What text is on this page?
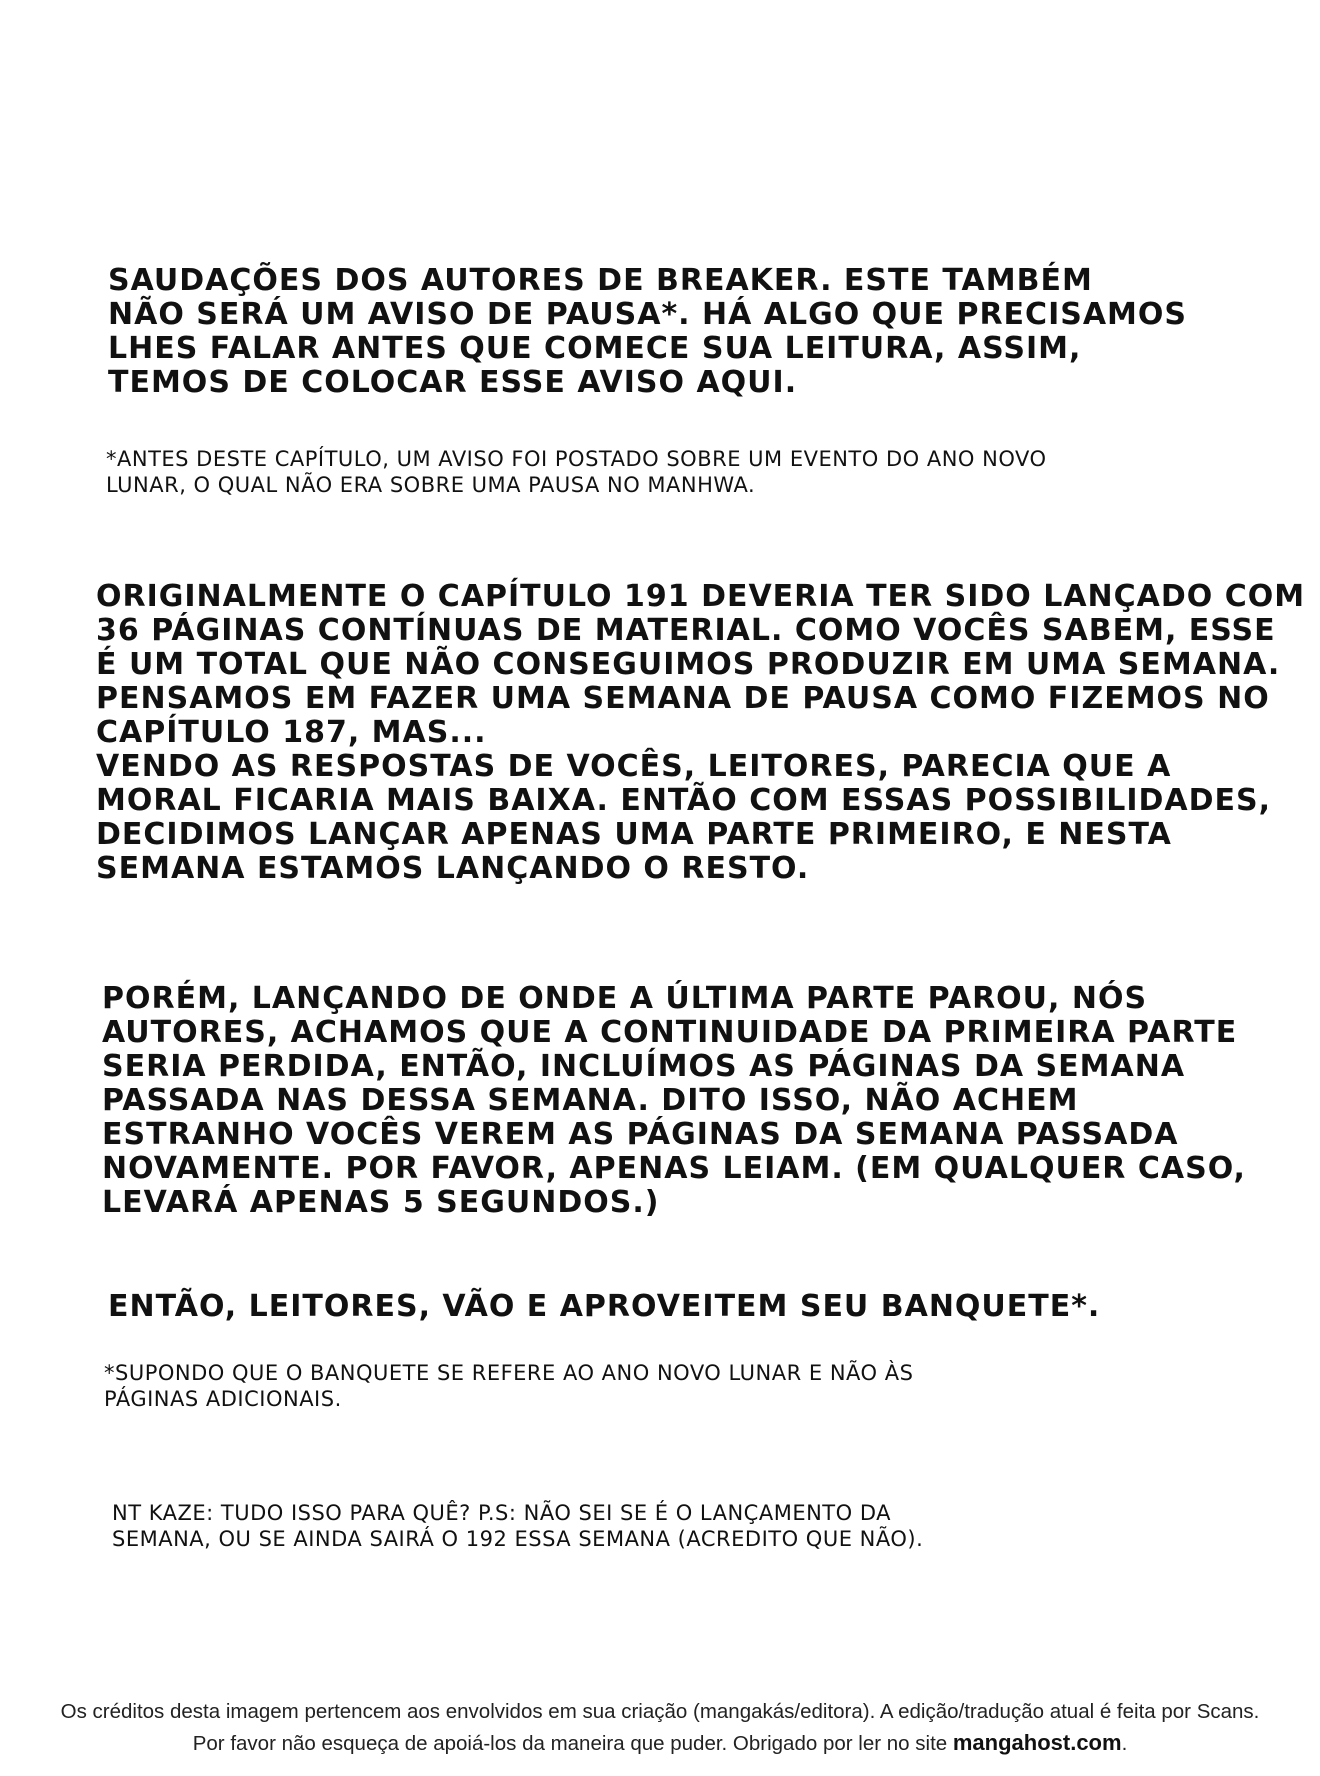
SAUDAÇÕES DOS AUTORES DE BREAKER. ESTE TAMBÉM
NÃO SERÁ UM AVISO DE PAUSA*. HÁ ALGO QUE PRECISAMOS
LHES FALAR ANTES QUE COMECE SUA LEITURA, ASSIM,
TEMOS DE COLOCAR ESSE AVISO AQUI.
*ANTES DESTE CAPÍTULO, UM AVISO FOI POSTADO SOBRE UM EVENTO DO ANO NOVO
LUNAR, O QUAL NÃO ERA SOBRE UMA PAUSA NO MANHWA.
ORIGINALMENTE O CAPÍTULO 191 DEVERIA TER SIDO LANÇADO COM
36 PÁGINAS CONTÍNUAS DE MATERIAL. COMO VOCÊS SABEM, ESSE
É UM TOTAL QUE NÃO CONSEGUIMOS PRODUZIR EM UMA SEMANA.
PENSAMOS EM FAZER UMA SEMANA DE PAUSA COMO FIZEMOS NO
CAPÍTULO 187, MAS...
VENDO AS RESPOSTAS DE VOCÊS, LEITORES, PARECIA QUE A
MORAL FICARIA MAIS BAIXA. ENTÃO COM ESSAS POSSIBILIDADES,
DECIDIMOS LANÇAR APENAS UMA PARTE PRIMEIRO, E NESTA
SEMANA ESTAMOS LANÇANDO O RESTO.
PORÉM, LANÇANDO DE ONDE A ÚLTIMA PARTE PAROU, NÓS
AUTORES, ACHAMOS QUE A CONTINUIDADE DA PRIMEIRA PARTE
SERIA PERDIDA, ENTÃO, INCLUÍMOS AS PÁGINAS DA SEMANA
PASSADA NAS DESSA SEMANA. DITO ISSO, NÃO ACHEM
ESTRANHO VOCÊS VEREM AS PÁGINAS DA SEMANA PASSADA
NOVAMENTE. POR FAVOR, APENAS LEIAM. (EM QUALQUER CASO,
LEVARÁ APENAS 5 SEGUNDOS.)
ENTÃO, LEITORES, VÃO E APROVEITEM SEU BANQUETE*.
*SUPONDO QUE O BANQUETE SE REFERE AO ANO NOVO LUNAR E NÃO ÀS
PÁGINAS ADICIONAIS.
NT KAZE: TUDO ISSO PARA QUÊ? P.S: NÃO SEI SE É O LANÇAMENTO DA
SEMANA, OU SE AINDA SAIRÁ O 192 ESSA SEMANA (ACREDITO QUE NÃO).
Os créditos desta imagem pertencem aos envolvidos em sua criação (mangakás/editora). A edição/tradução atual é feita por Scans.
Por favor não esqueça de apoiá-los da maneira que puder. Obrigado por ler no site mangahost.com.
